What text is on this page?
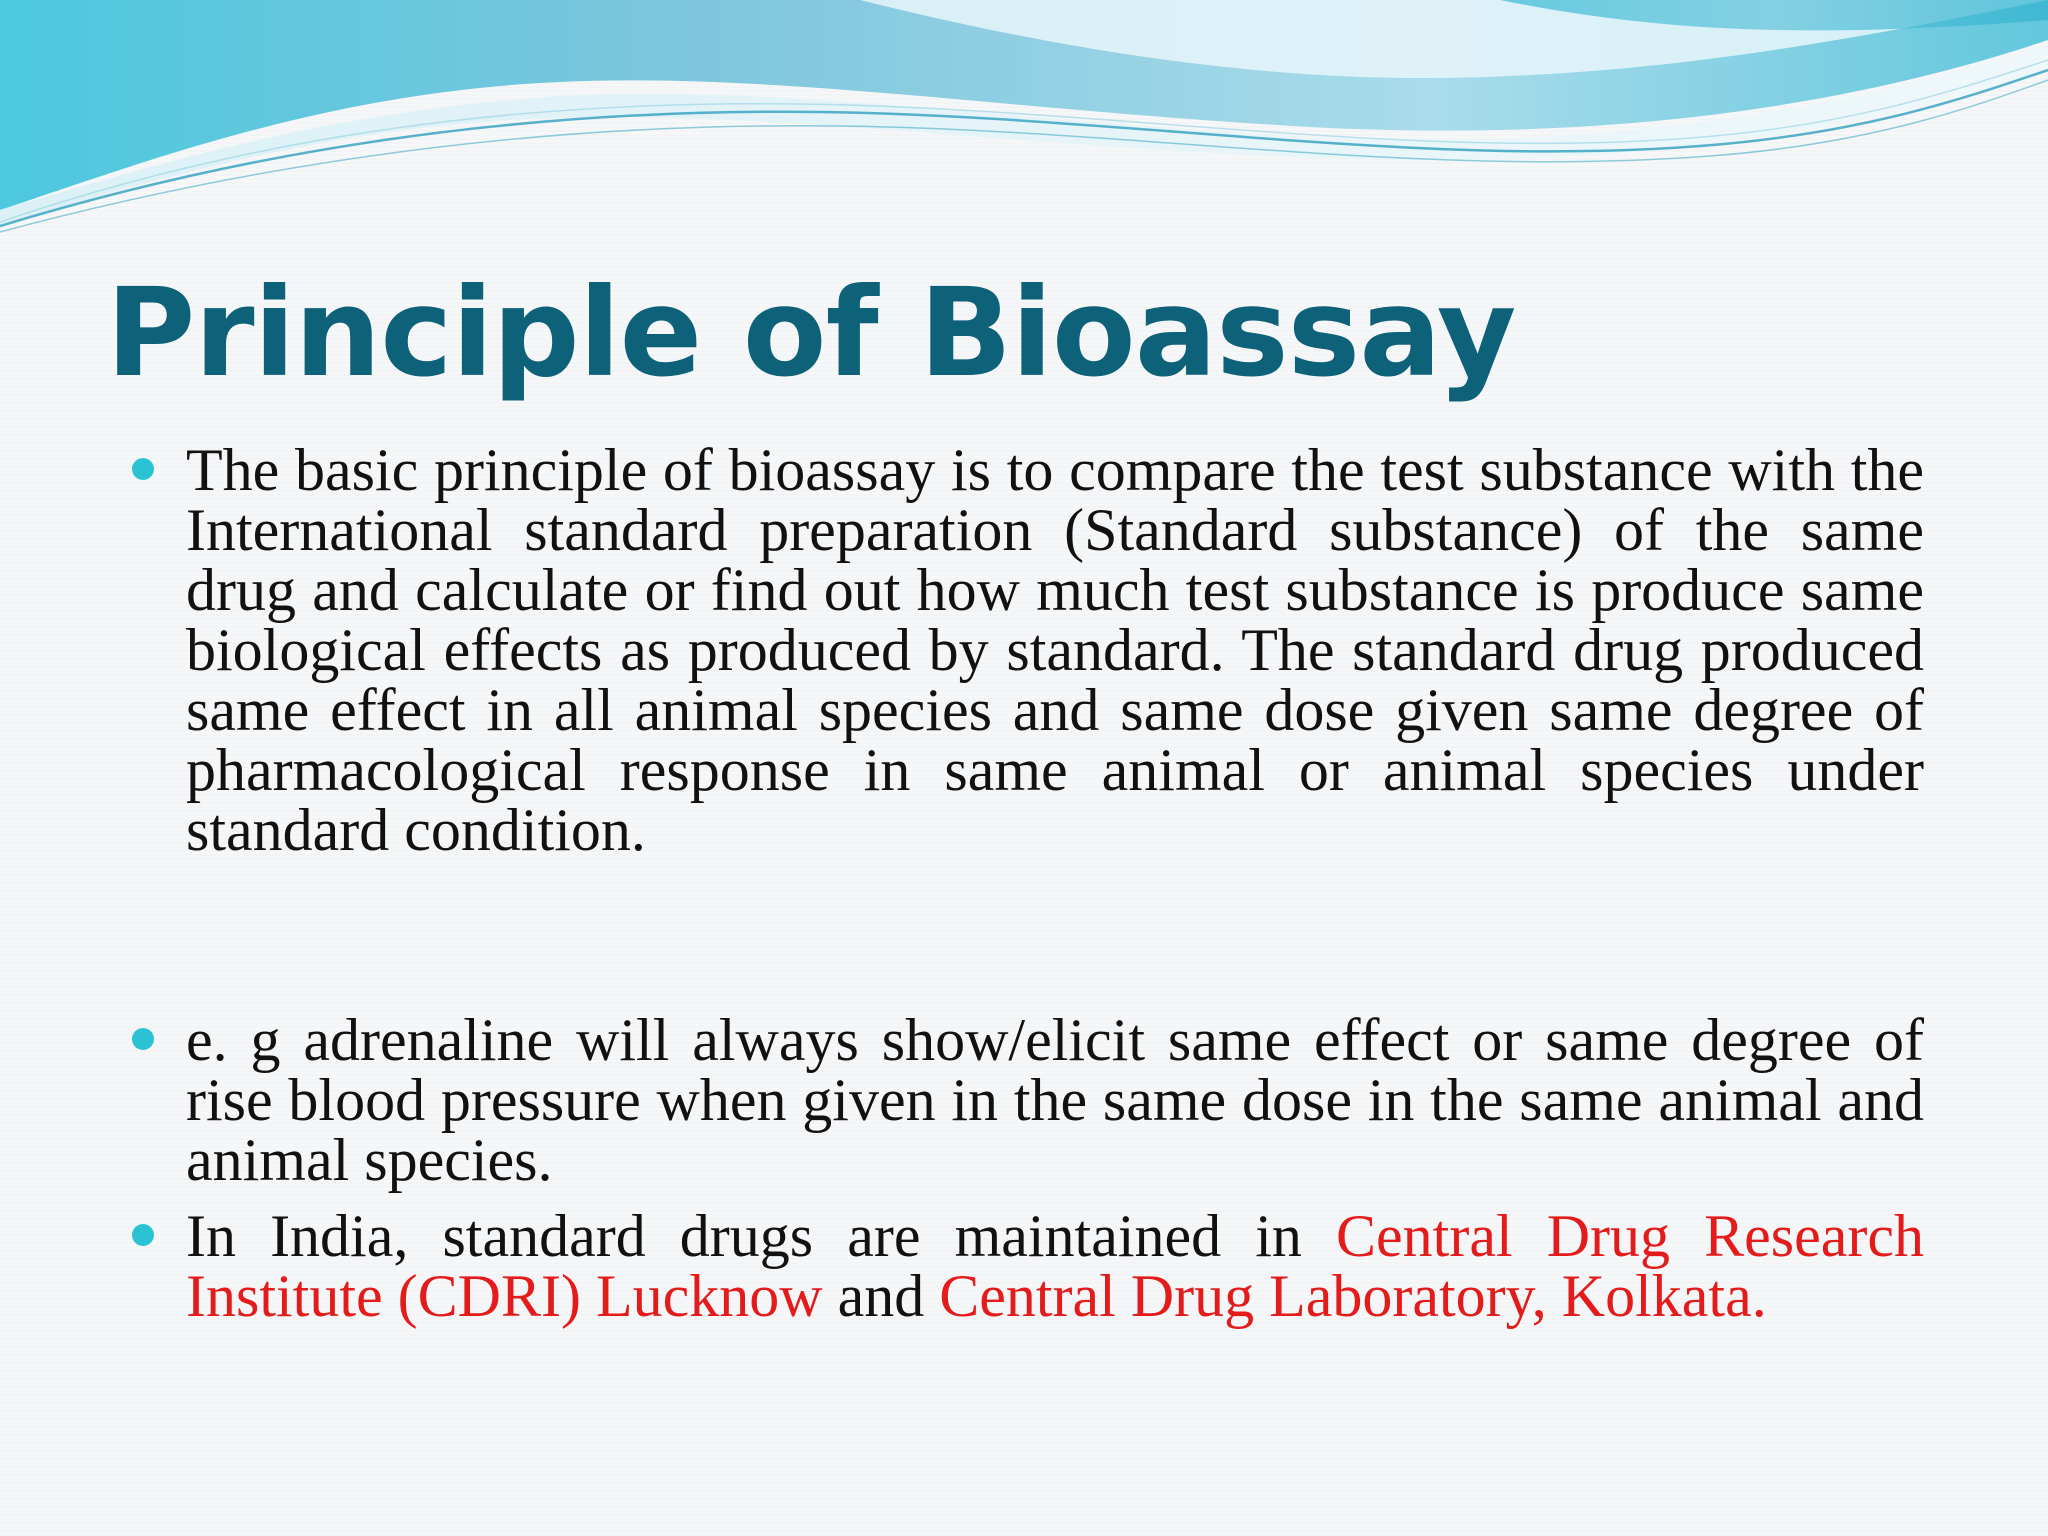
Principle of Bioassay

The basic principle of bioassay is to compare the test substance with the International standard preparation (Standard substance) of the same drug and calculate or find out how much test substance is produce same biological effects as produced by standard. The standard drug produced same effect in all animal species and same dose given same degree of pharmacological response in same animal or animal species under standard condition.

e. g adrenaline will always show/elicit same effect or same degree of rise blood pressure when given in the same dose in the same animal and animal species.

In India, standard drugs are maintained in Central Drug Research Institute (CDRI) Lucknow and Central Drug Laboratory, Kolkata.
